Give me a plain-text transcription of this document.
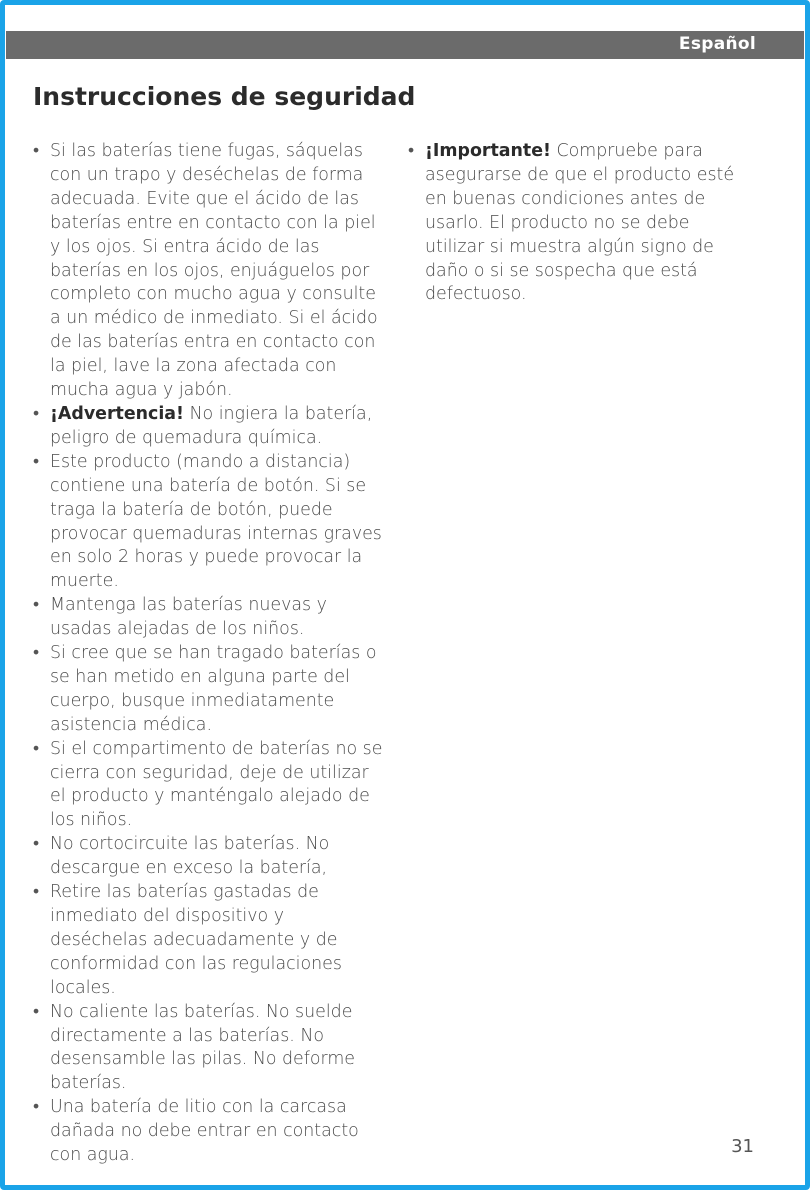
Español
Instrucciones de seguridad
• Si las baterías tiene fugas, sáquelas con un trapo y deséchelas de forma adecuada. Evite que el ácido de las baterías entre en contacto con la piel y los ojos. Si entra ácido de las baterías en los ojos, enjuáguelos por completo con mucho agua y consulte a un médico de inmediato. Si el ácido de las baterías entra en contacto con la piel, lave la zona afectada con mucha agua y jabón.
• ¡Advertencia! No ingiera la batería, peligro de quemadura química.
• Este producto (mando a distancia) contiene una batería de botón. Si se traga la batería de botón, puede provocar quemaduras internas graves en solo 2 horas y puede provocar la muerte.
• Mantenga las baterías nuevas y usadas alejadas de los niños.
• Si cree que se han tragado baterías o se han metido en alguna parte del cuerpo, busque inmediatamente asistencia médica.
• Si el compartimento de baterías no se cierra con seguridad, deje de utilizar el producto y manténgalo alejado de los niños.
• No cortocircuite las baterías. No descargue en exceso la batería,
• Retire las baterías gastadas de inmediato del dispositivo y deséchelas adecuadamente y de conformidad con las regulaciones locales.
• No caliente las baterías. No suelde directamente a las baterías. No desensamble las pilas. No deforme baterías.
• Una batería de litio con la carcasa dañada no debe entrar en contacto con agua.
• ¡Importante! Compruebe para asegurarse de que el producto esté en buenas condiciones antes de usarlo. El producto no se debe utilizar si muestra algún signo de daño o si se sospecha que está defectuoso.
31
